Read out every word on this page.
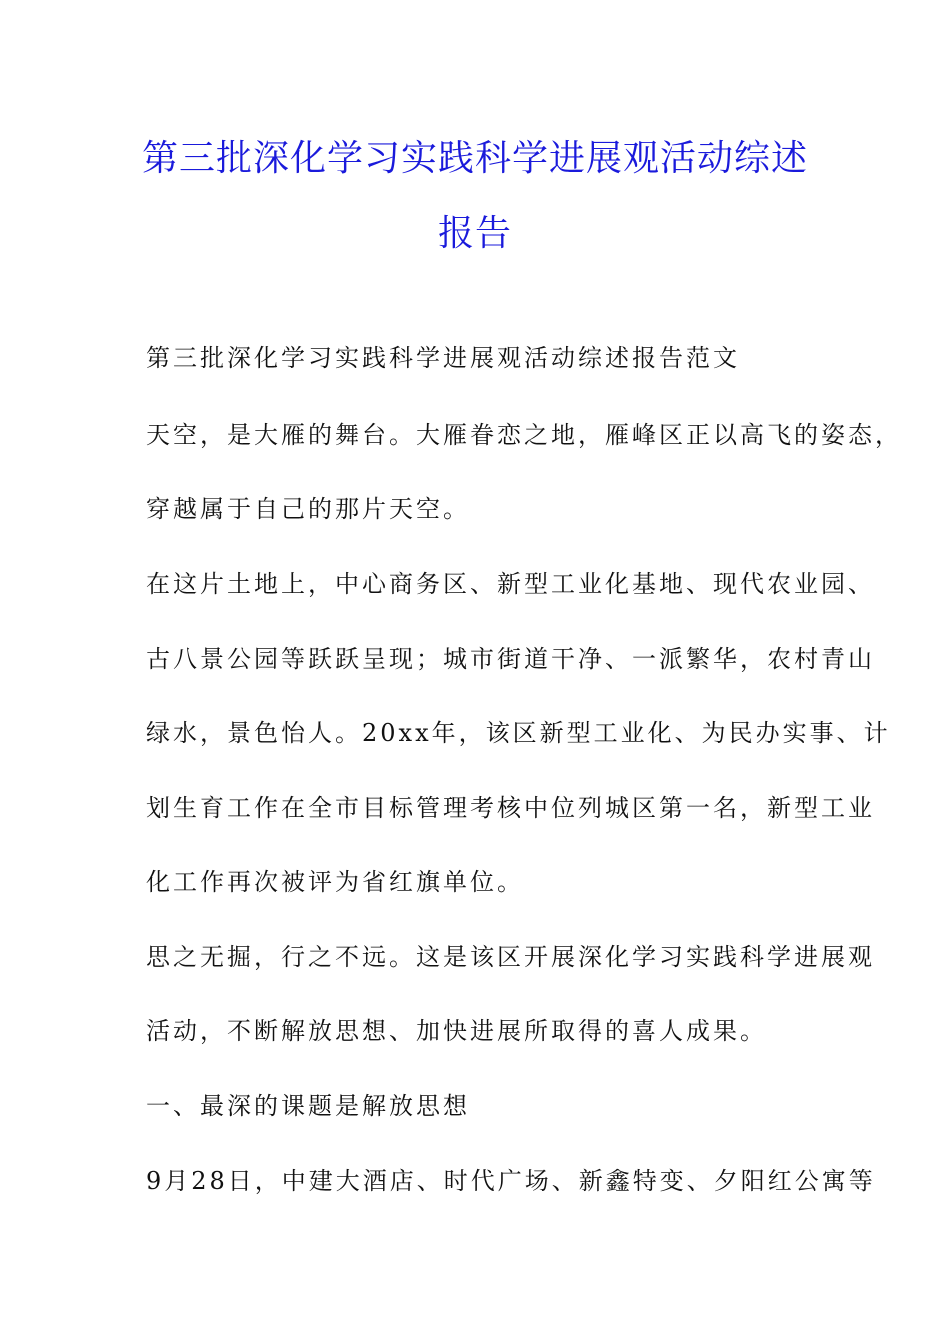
第三批深化学习实践科学进展观活动综述
报告
第三批深化学习实践科学进展观活动综述报告范文
天空，是大雁的舞台。大雁眷恋之地，雁峰区正以高飞的姿态，
穿越属于自己的那片天空。
在这片土地上，中心商务区、新型工业化基地、现代农业园、
古八景公园等跃跃呈现；城市街道干净、一派繁华，农村青山
绿水，景色怡人。20xx年，该区新型工业化、为民办实事、计
划生育工作在全市目标管理考核中位列城区第一名，新型工业
化工作再次被评为省红旗单位。
思之无掘，行之不远。这是该区开展深化学习实践科学进展观
活动，不断解放思想、加快进展所取得的喜人成果。
一、最深的课题是解放思想
9月28日，中建大酒店、时代广场、新鑫特变、夕阳红公寓等
